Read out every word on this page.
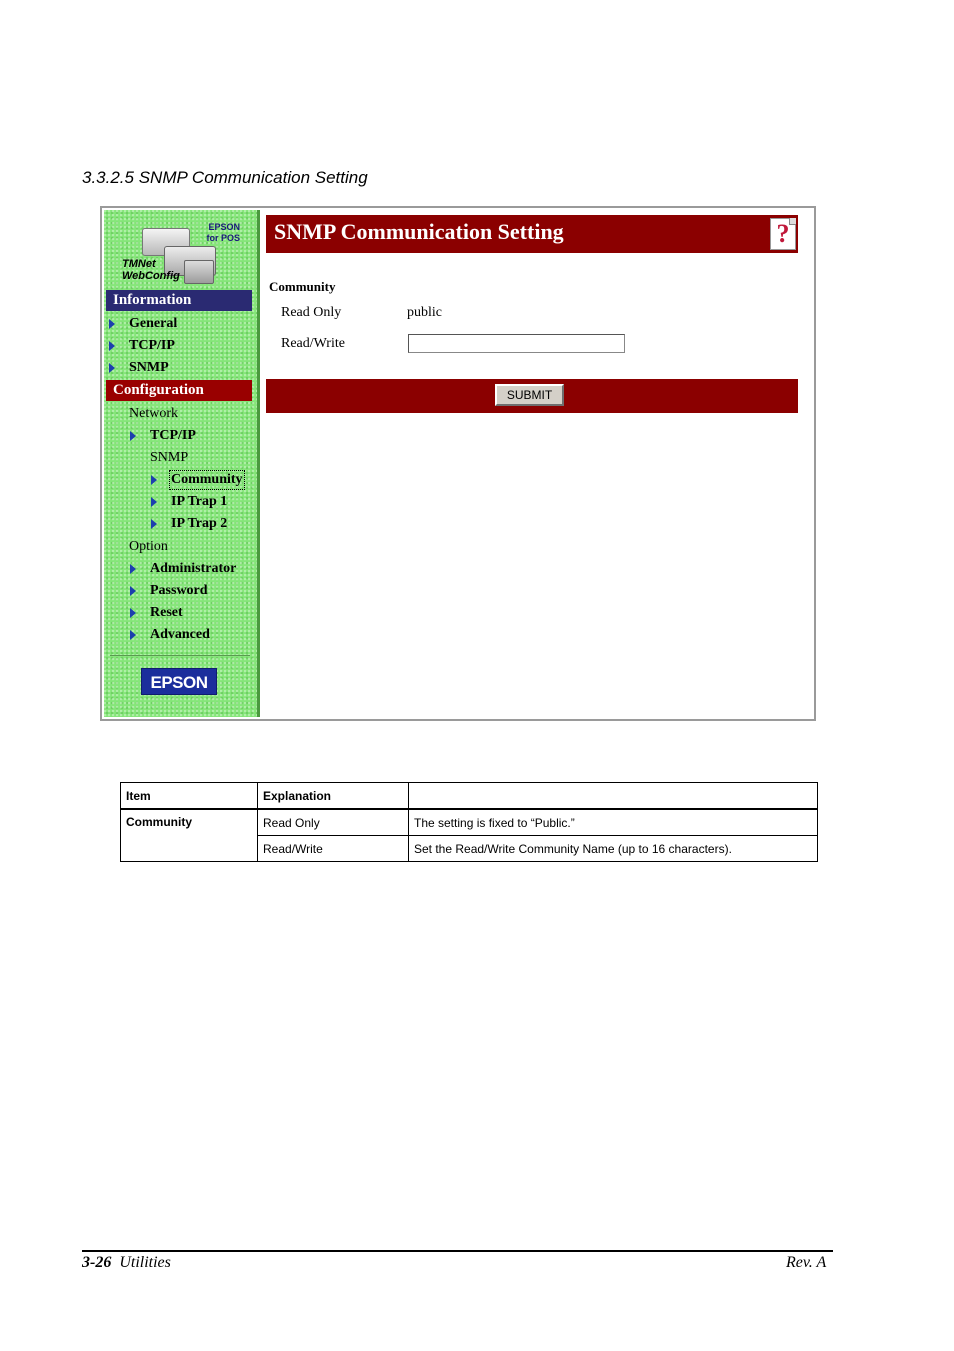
3.3.2.5 SNMP Communication Setting
EPSON for POS
TMNet
WebConfig
Information
General
TCP/IP
SNMP
Configuration
Network
TCP/IP
SNMP
Community
IP Trap 1
IP Trap 2
Option
Administrator
Password
Reset
Advanced
EPSON
SNMP Communication Setting	?
Community
Read Only	public
Read/Write
SUBMIT
Item	Explanation	
Community	Read Only	The setting is fixed to “Public.”
	Read/Write	Set the Read/Write Community Name (up to 16 characters).
3-26 Utilities	Rev. A
